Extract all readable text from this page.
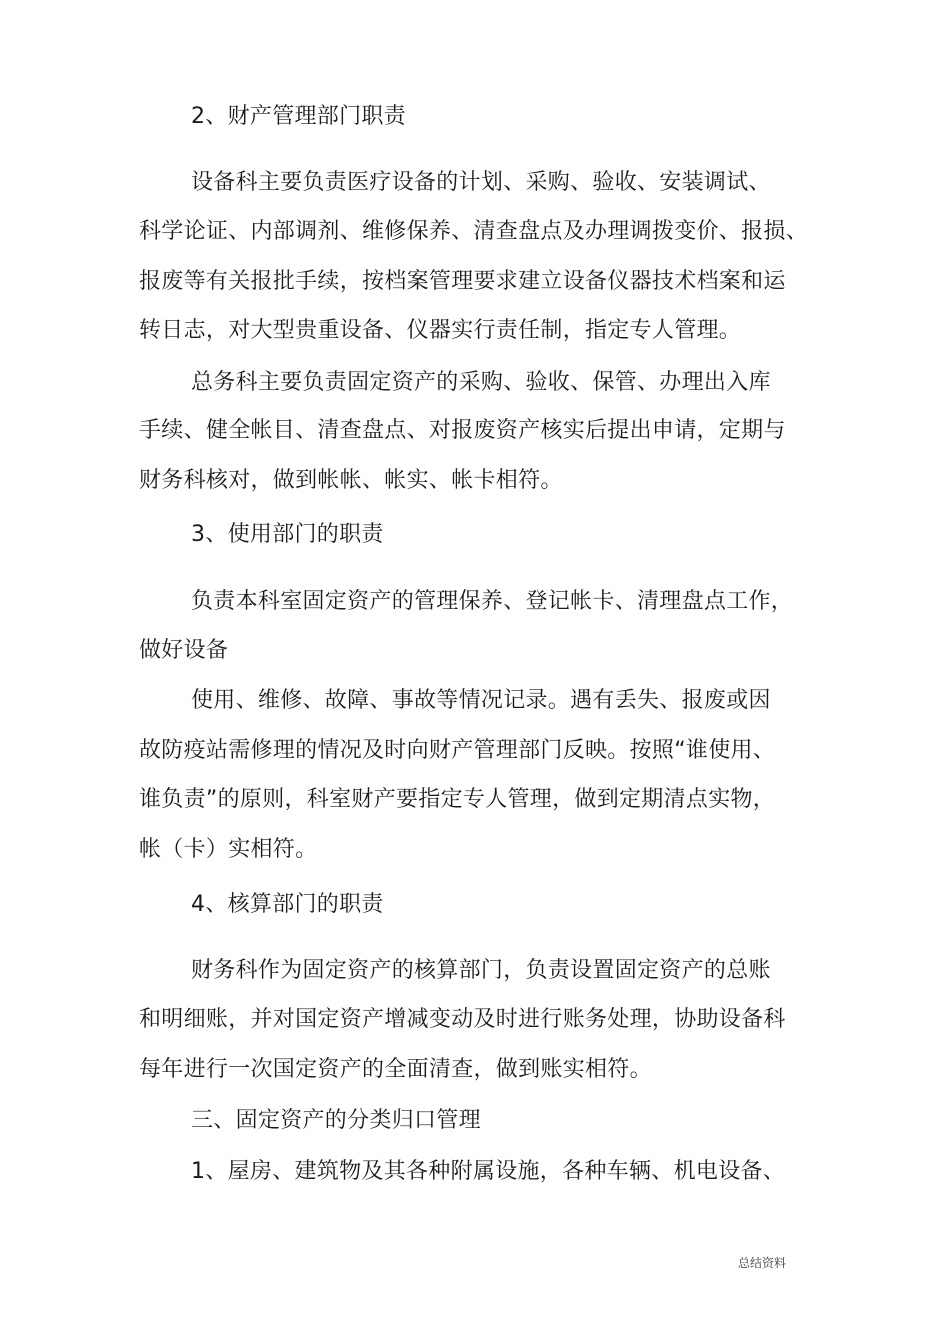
2、财产管理部门职责
设备科主要负责医疗设备的计划、采购、验收、安装调试、
科学论证、内部调剂、维修保养、清查盘点及办理调拨变价、报损、
报废等有关报批手续，按档案管理要求建立设备仪器技术档案和运
转日志，对大型贵重设备、仪器实行责任制，指定专人管理。
总务科主要负责固定资产的采购、验收、保管、办理出入库
手续、健全帐目、清查盘点、对报废资产核实后提出申请，定期与
财务科核对，做到帐帐、帐实、帐卡相符。
3、使用部门的职责
负责本科室固定资产的管理保养、登记帐卡、清理盘点工作，
做好设备
使用、维修、故障、事故等情况记录。遇有丢失、报废或因
故防疫站需修理的情况及时向财产管理部门反映。按照“谁使用、
谁负责”的原则，科室财产要指定专人管理，做到定期清点实物，
帐（卡）实相符。
4、核算部门的职责
财务科作为固定资产的核算部门，负责设置固定资产的总账
和明细账，并对国定资产增减变动及时进行账务处理，协助设备科
每年进行一次国定资产的全面清查，做到账实相符。
三、固定资产的分类归口管理
1、屋房、建筑物及其各种附属设施，各种车辆、机电设备、
总结资料
